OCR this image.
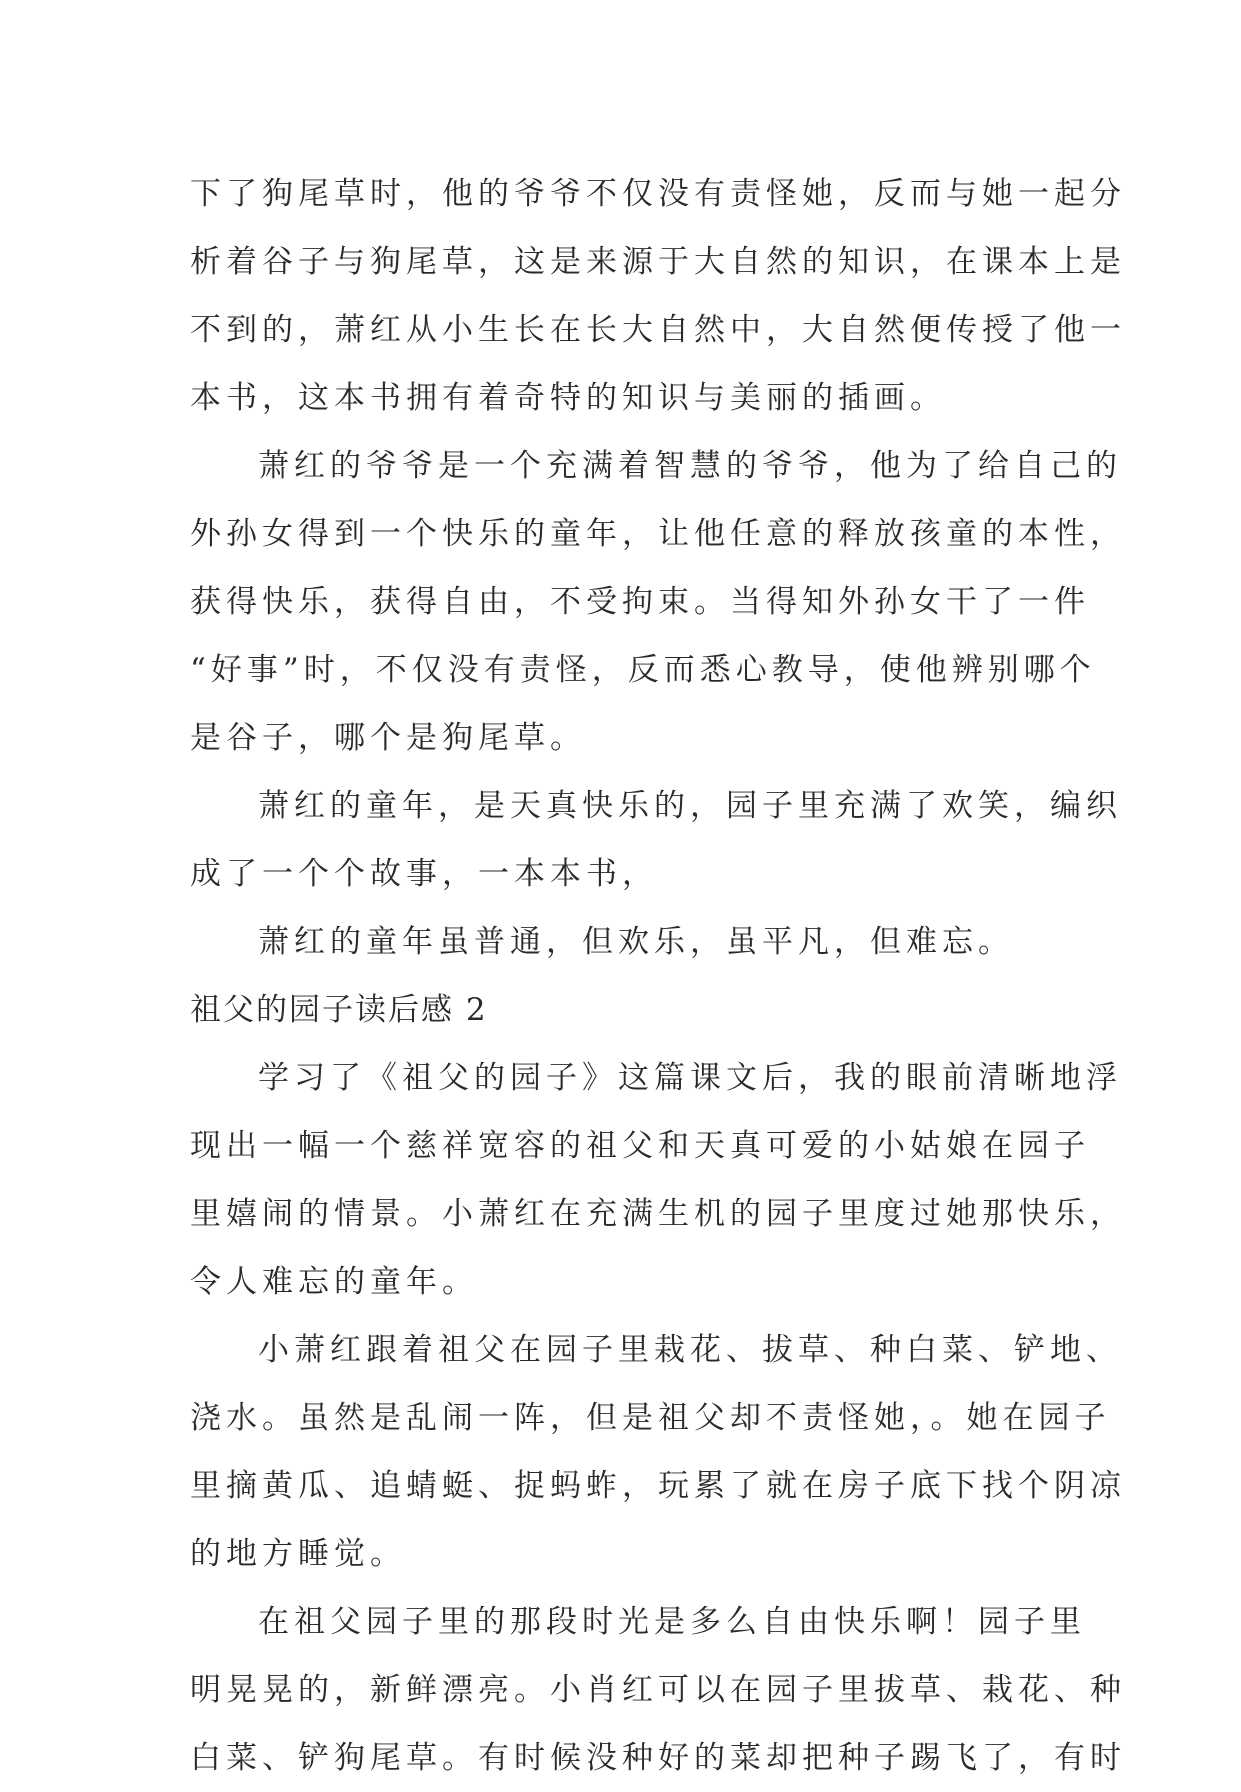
下了狗尾草时，他的爷爷不仅没有责怪她，反而与她一起分
析着谷子与狗尾草，这是来源于大自然的知识，在课本上是
不到的，萧红从小生长在长大自然中，大自然便传授了他一
本书，这本书拥有着奇特的知识与美丽的插画。
萧红的爷爷是一个充满着智慧的爷爷，他为了给自己的
外孙女得到一个快乐的童年，让他任意的释放孩童的本性，
获得快乐，获得自由，不受拘束。当得知外孙女干了一件
“好事”时，不仅没有责怪，反而悉心教导，使他辨别哪个
是谷子，哪个是狗尾草。
萧红的童年，是天真快乐的，园子里充满了欢笑，编织
成了一个个故事，一本本书，
萧红的童年虽普通，但欢乐，虽平凡，但难忘。
祖父的园子读后感 2
学习了《祖父的园子》这篇课文后，我的眼前清晰地浮
现出一幅一个慈祥宽容的祖父和天真可爱的小姑娘在园子
里嬉闹的情景。小萧红在充满生机的园子里度过她那快乐，
令人难忘的童年。
小萧红跟着祖父在园子里栽花、拔草、种白菜、铲地、
浇水。虽然是乱闹一阵，但是祖父却不责怪她，。她在园子
里摘黄瓜、追蜻蜓、捉蚂蚱，玩累了就在房子底下找个阴凉
的地方睡觉。
在祖父园子里的那段时光是多么自由快乐啊！园子里
明晃晃的，新鲜漂亮。小肖红可以在园子里拔草、栽花、种
白菜、铲狗尾草。有时候没种好的菜却把种子踢飞了，有时
